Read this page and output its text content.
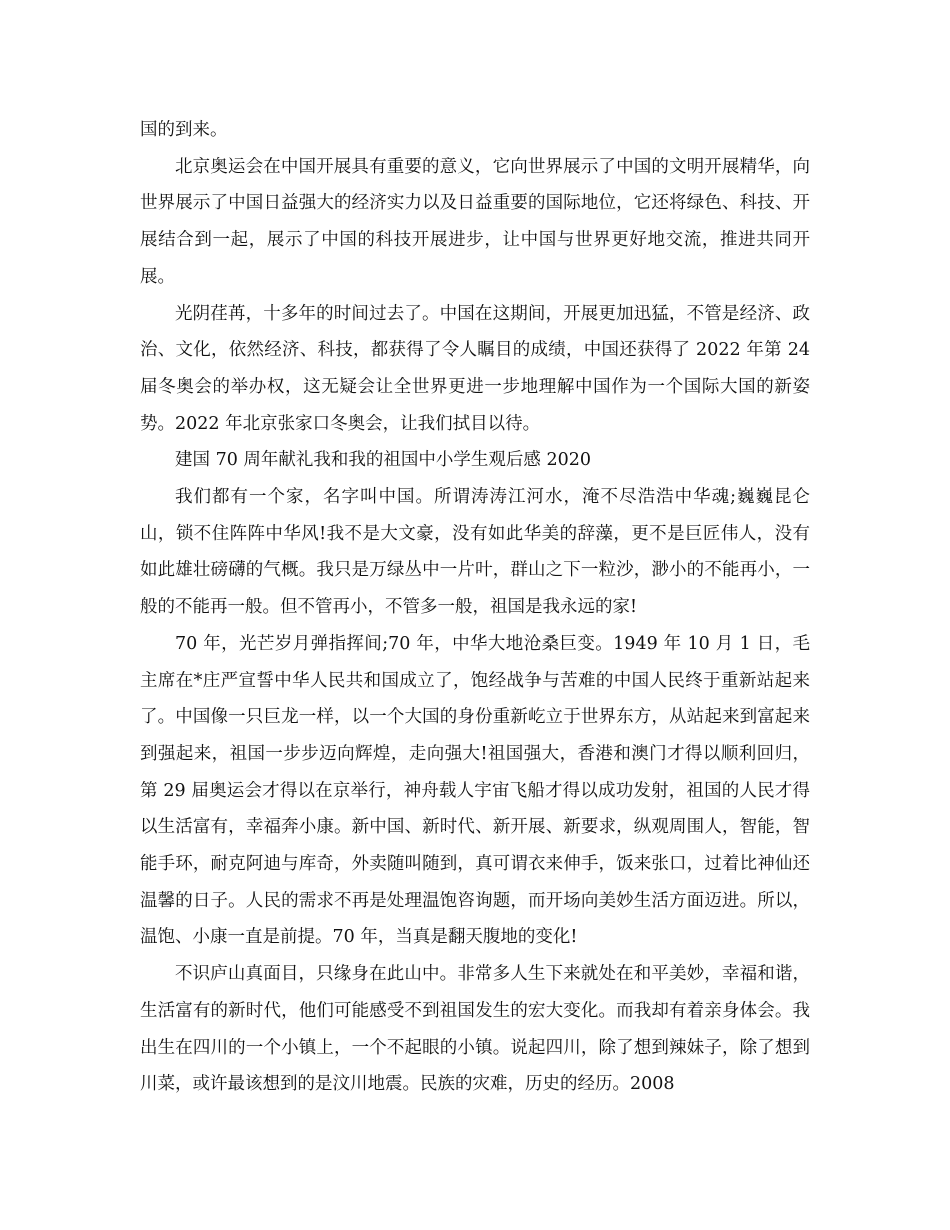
国的到来。

北京奥运会在中国开展具有重要的意义，它向世界展示了中国的文明开展精华，向世界展示了中国日益强大的经济实力以及日益重要的国际地位，它还将绿色、科技、开展结合到一起，展示了中国的科技开展进步，让中国与世界更好地交流，推进共同开展。

光阴荏苒，十多年的时间过去了。中国在这期间，开展更加迅猛，不管是经济、政治、文化，依然经济、科技，都获得了令人瞩目的成绩，中国还获得了 2022 年第 24 届冬奥会的举办权，这无疑会让全世界更进一步地理解中国作为一个国际大国的新姿势。2022 年北京张家口冬奥会，让我们拭目以待。

建国 70 周年献礼我和我的祖国中小学生观后感 2020

我们都有一个家，名字叫中国。所谓涛涛江河水，淹不尽浩浩中华魂;巍巍昆仑山，锁不住阵阵中华风!我不是大文豪，没有如此华美的辞藻，更不是巨匠伟人，没有如此雄壮磅礴的气概。我只是万绿丛中一片叶，群山之下一粒沙，渺小的不能再小，一般的不能再一般。但不管再小，不管多一般，祖国是我永远的家!

70 年，光芒岁月弹指挥间;70 年，中华大地沧桑巨变。1949 年 10 月 1 日，毛主席在*庄严宣誓中华人民共和国成立了，饱经战争与苦难的中国人民终于重新站起来了。中国像一只巨龙一样，以一个大国的身份重新屹立于世界东方，从站起来到富起来到强起来，祖国一步步迈向辉煌，走向强大!祖国强大，香港和澳门才得以顺利回归，第 29 届奥运会才得以在京举行，神舟载人宇宙飞船才得以成功发射，祖国的人民才得以生活富有，幸福奔小康。新中国、新时代、新开展、新要求，纵观周围人，智能，智能手环，耐克阿迪与库奇，外卖随叫随到，真可谓衣来伸手，饭来张口，过着比神仙还温馨的日子。人民的需求不再是处理温饱咨询题，而开场向美妙生活方面迈进。所以，温饱、小康一直是前提。70 年，当真是翻天腹地的变化!

不识庐山真面目，只缘身在此山中。非常多人生下来就处在和平美妙，幸福和谐，生活富有的新时代，他们可能感受不到祖国发生的宏大变化。而我却有着亲身体会。我出生在四川的一个小镇上，一个不起眼的小镇。说起四川，除了想到辣妹子，除了想到川菜，或许最该想到的是汶川地震。民族的灾难，历史的经历。2008
